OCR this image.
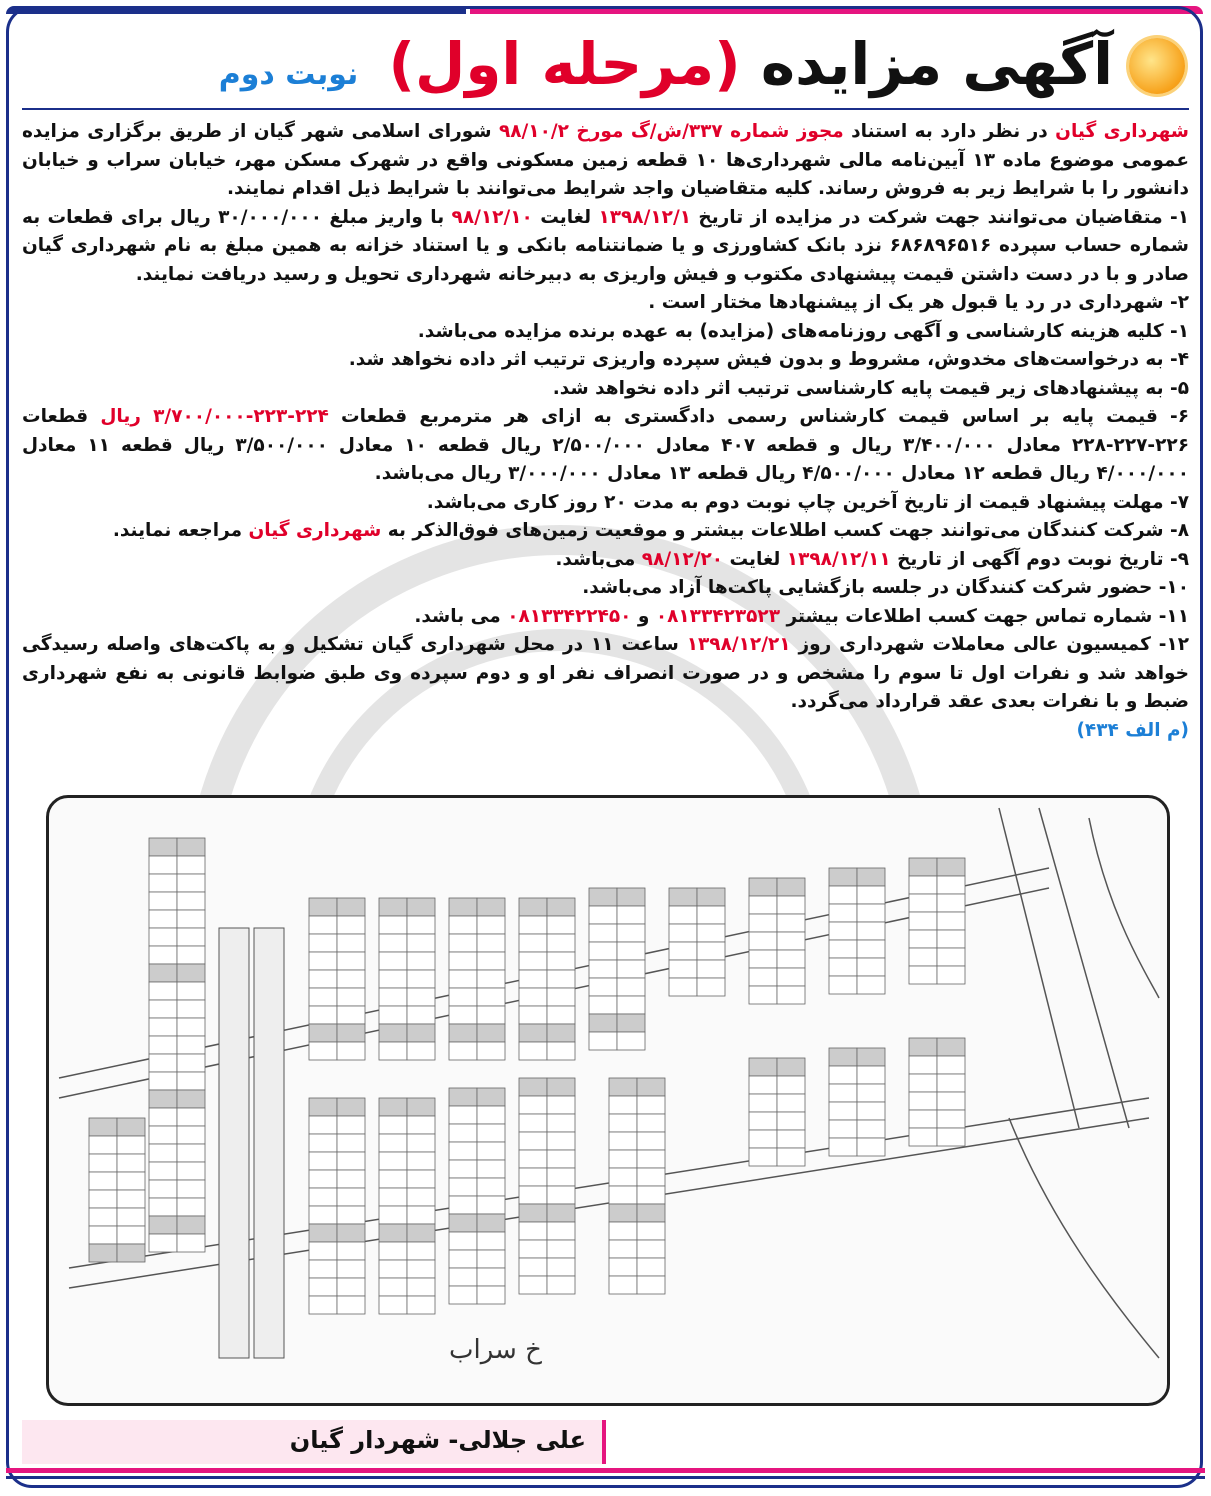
آگهی مزایده (مرحله اول) نوبت دوم

شهرداری گیان در نظر دارد به استناد مجوز شماره ۳۳۷/ش/گ مورخ ۹۸/۱۰/۲ شورای اسلامی شهر گیان از طریق برگزاری مزایده عمومی موضوع ماده ۱۳ آیین‌نامه مالی شهرداری‌ها ۱۰ قطعه زمین مسکونی واقع در شهرک مسکن مهر، خیابان سراب و خیابان دانشور را با شرایط زیر به فروش رساند. کلیه متقاضیان واجد شرایط می‌توانند با شرایط ذیل اقدام نمایند.

۱- متقاضیان می‌توانند جهت شرکت در مزایده از تاریخ ۱۳۹۸/۱۲/۱ لغایت ۹۸/۱۲/۱۰ با واریز مبلغ ۳۰/۰۰۰/۰۰۰ ریال برای قطعات به شماره حساب سپرده ۶۸۶۸۹۶۵۱۶ نزد بانک کشاورزی و یا ضمانتنامه بانکی و یا استناد خزانه به همین مبلغ به نام شهرداری گیان صادر و با در دست داشتن قیمت پیشنهادی مکتوب و فیش واریزی به دبیرخانه شهرداری تحویل و رسید دریافت نمایند.

۲- شهرداری در رد یا قبول هر یک از پیشنهادها مختار است .

۱- کلیه هزینه کارشناسی و آگهی روزنامه‌های (مزایده) به عهده برنده مزایده می‌باشد.

۴- به درخواست‌های مخدوش، مشروط و بدون فیش سپرده واریزی ترتیب اثر داده نخواهد شد.

۵- به پیشنهادهای زیر قیمت پایه کارشناسی ترتیب اثر داده نخواهد شد.

۶- قیمت پایه بر اساس قیمت کارشناس رسمی دادگستری به ازای هر مترمربع قطعات ۲۲۴-۲۲۳-۳/۷۰۰/۰۰۰ ریال قطعات ۲۲۶-۲۲۷-۲۲۸ معادل ۳/۴۰۰/۰۰۰ ریال و قطعه ۴۰۷ معادل ۲/۵۰۰/۰۰۰ ریال قطعه ۱۰ معادل ۳/۵۰۰/۰۰۰ ریال قطعه ۱۱ معادل ۴/۰۰۰/۰۰۰ ریال قطعه ۱۲ معادل ۴/۵۰۰/۰۰۰ ریال قطعه ۱۳ معادل ۳/۰۰۰/۰۰۰ ریال می‌باشد.

۷- مهلت پیشنهاد قیمت از تاریخ آخرین چاپ نوبت دوم به مدت ۲۰ روز کاری می‌باشد.

۸- شرکت کنندگان می‌توانند جهت کسب اطلاعات بیشتر و موقعیت زمین‌های فوق‌الذکر به شهرداری گیان مراجعه نمایند.

۹- تاریخ نوبت دوم آگهی از تاریخ ۱۳۹۸/۱۲/۱۱ لغایت ۹۸/۱۲/۲۰ می‌باشد.

۱۰- حضور شرکت کنندگان در جلسه بازگشایی پاکت‌ها آزاد می‌باشد.

۱۱- شماره تماس جهت کسب اطلاعات بیشتر ۰۸۱۳۳۴۲۳۵۲۳ و ۰۸۱۳۳۴۲۲۴۵۰ می باشد.

۱۲- کمیسیون عالی معاملات شهرداری روز ۱۳۹۸/۱۲/۲۱ ساعت ۱۱ در محل شهرداری گیان تشکیل و به پاکت‌های واصله رسیدگی خواهد شد و نفرات اول تا سوم را مشخص و در صورت انصراف نفر او و دوم سپرده وی طبق ضوابط قانونی به نفع شهرداری ضبط و با نفرات بعدی عقد قرارداد می‌گردد.

(م الف ۴۳۴)

خ سراب
علی جلالی- شهردار گیان
